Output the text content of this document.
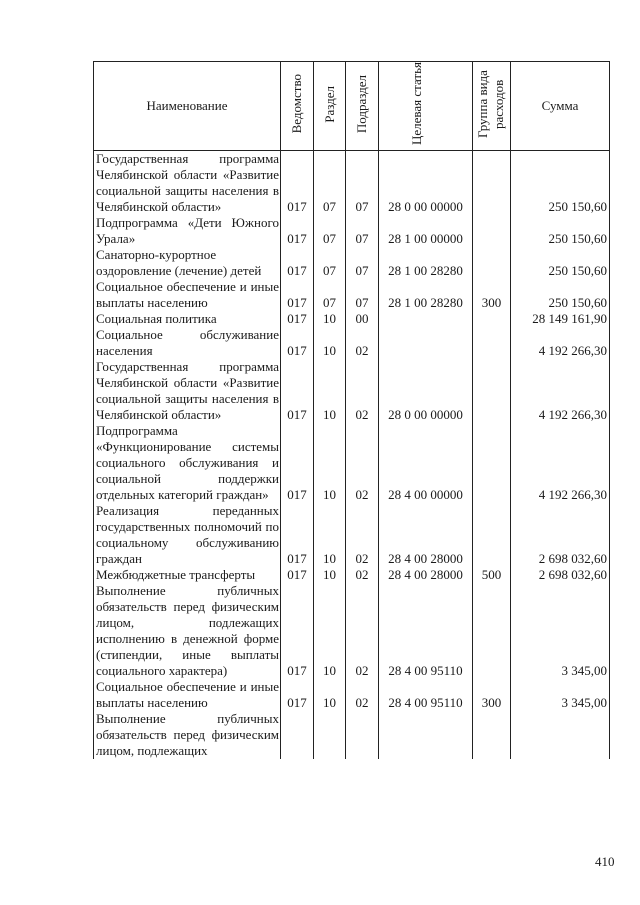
Наименование	Ведомство	Раздел	Подраздел	Целевая статья	Группа вида расходов	Сумма
Государственная программа Челябинской области «Развитие социальной защиты населения в Челябинской области»	017	07	07	28 0 00 00000		250 150,60
Подпрограмма «Дети Южного Урала»	017	07	07	28 1 00 00000		250 150,60
Санаторно-курортное оздоровление (лечение) детей	017	07	07	28 1 00 28280		250 150,60
Социальное обеспечение и иные выплаты населению	017	07	07	28 1 00 28280	300	250 150,60
Социальная политика	017	10	00			28 149 161,90
Социальное обслуживание населения	017	10	02			4 192 266,30
Государственная программа Челябинской области «Развитие социальной защиты населения в Челябинской области»	017	10	02	28 0 00 00000		4 192 266,30
Подпрограмма «Функционирование системы социального обслуживания и социальной поддержки отдельных категорий граждан»	017	10	02	28 4 00 00000		4 192 266,30
Реализация переданных государственных полномочий по социальному обслуживанию граждан	017	10	02	28 4 00 28000		2 698 032,60
Межбюджетные трансферты	017	10	02	28 4 00 28000	500	2 698 032,60
Выполнение публичных обязательств перед физическим лицом, подлежащих исполнению в денежной форме (стипендии, иные выплаты социального характера)	017	10	02	28 4 00 95110		3 345,00
Социальное обеспечение и иные выплаты населению	017	10	02	28 4 00 95110	300	3 345,00
Выполнение публичных обязательств перед физическим лицом, подлежащих						
410
